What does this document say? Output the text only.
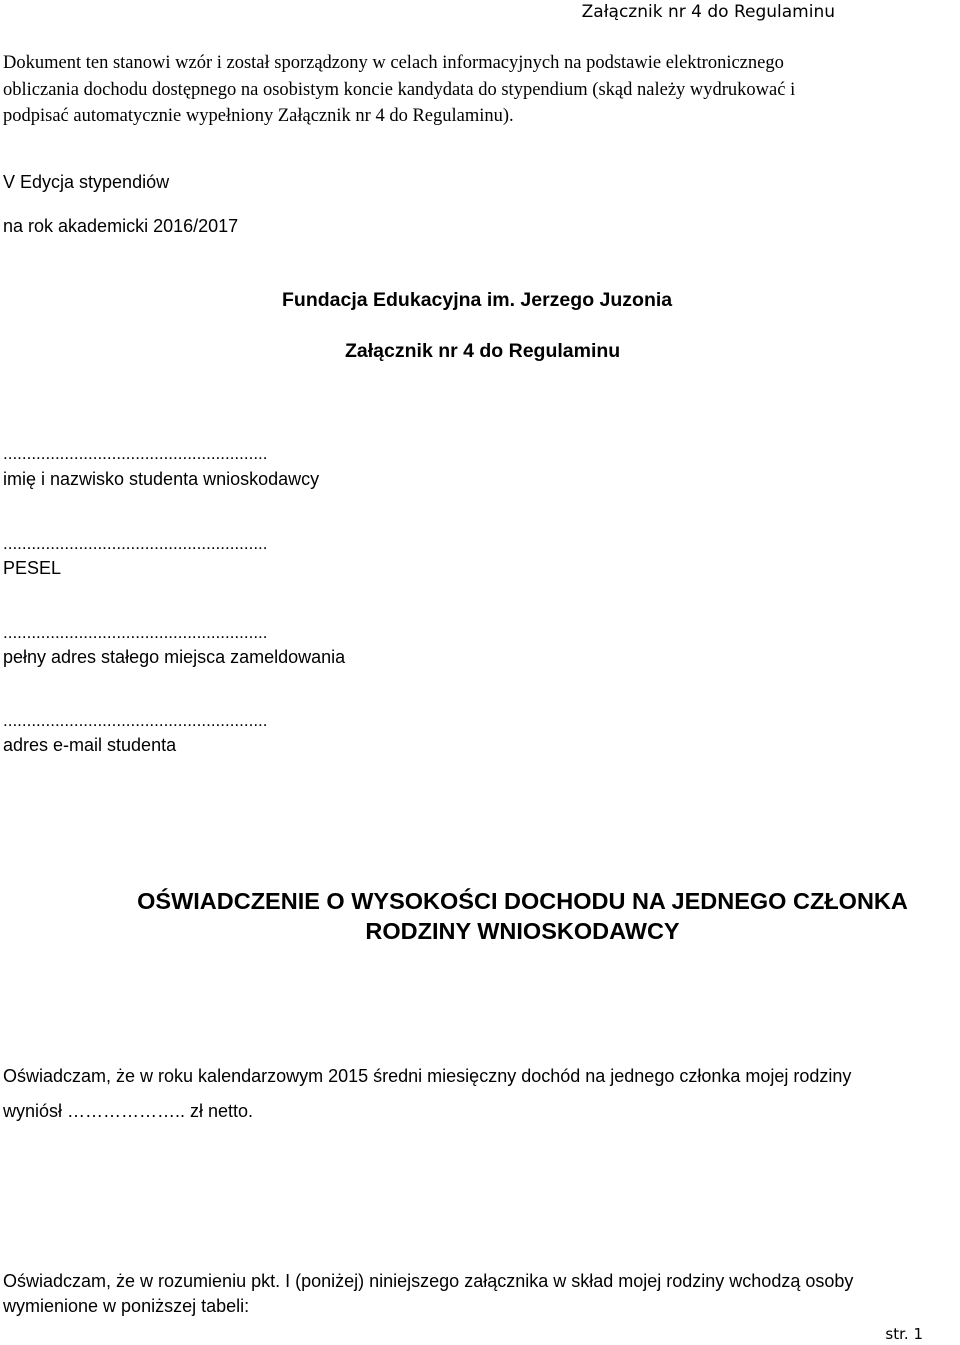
Załącznik nr 4 do Regulaminu
Dokument ten stanowi wzór i został sporządzony w celach informacyjnych na podstawie elektronicznego
obliczania dochodu dostępnego na osobistym koncie kandydata do stypendium (skąd należy wydrukować i
podpisać automatycznie wypełniony Załącznik nr 4 do Regulaminu).
V Edycja stypendiów
na rok akademicki 2016/2017
Fundacja Edukacyjna im. Jerzego Juzonia
Załącznik nr 4 do Regulaminu
........................................................
imię i nazwisko studenta wnioskodawcy
........................................................
PESEL
........................................................
pełny adres stałego miejsca zameldowania
........................................................
adres e-mail studenta
OŚWIADCZENIE O WYSOKOŚCI DOCHODU NA JEDNEGO CZŁONKA
RODZINY WNIOSKODAWCY
Oświadczam, że w roku kalendarzowym 2015 średni miesięczny dochód na jednego członka mojej rodziny
wyniósł ……………….. zł netto.
Oświadczam, że w rozumieniu pkt. I (poniżej) niniejszego załącznika w skład mojej rodziny wchodzą osoby
wymienione w poniższej tabeli:
str. 1
